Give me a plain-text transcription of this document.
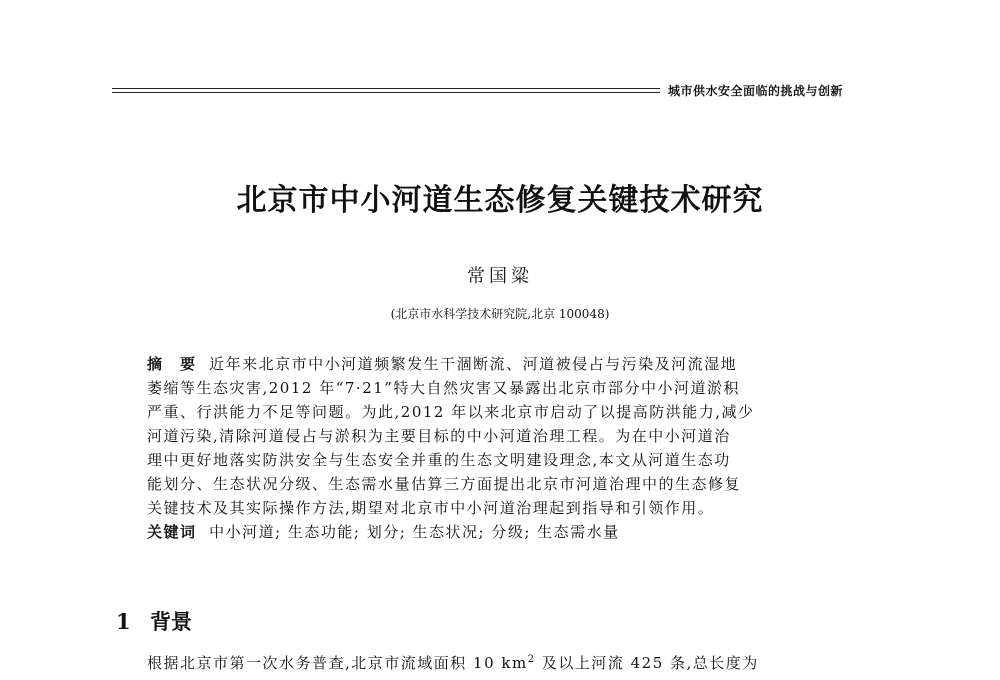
城市供水安全面临的挑战与创新
北京市中小河道生态修复关键技术研究
常国粱
(北京市水科学技术研究院,北京 100048)
摘　要 近年来北京市中小河道频繁发生干涸断流、河道被侵占与污染及河流湿地
萎缩等生态灾害,2012 年“7·21”特大自然灾害又暴露出北京市部分中小河道淤积
严重、行洪能力不足等问题。为此,2012 年以来北京市启动了以提高防洪能力,减少
河道污染,清除河道侵占与淤积为主要目标的中小河道治理工程。为在中小河道治
理中更好地落实防洪安全与生态安全并重的生态文明建设理念,本文从河道生态功
能划分、生态状况分级、生态需水量估算三方面提出北京市河道治理中的生态修复
关键技术及其实际操作方法,期望对北京市中小河道治理起到指导和引领作用。
关键词 中小河道; 生态功能; 划分; 生态状况; 分级; 生态需水量
1 背景
根据北京市第一次水务普查,北京市流域面积 10 $km^2$ 及以上河流 425 条,总长度为
